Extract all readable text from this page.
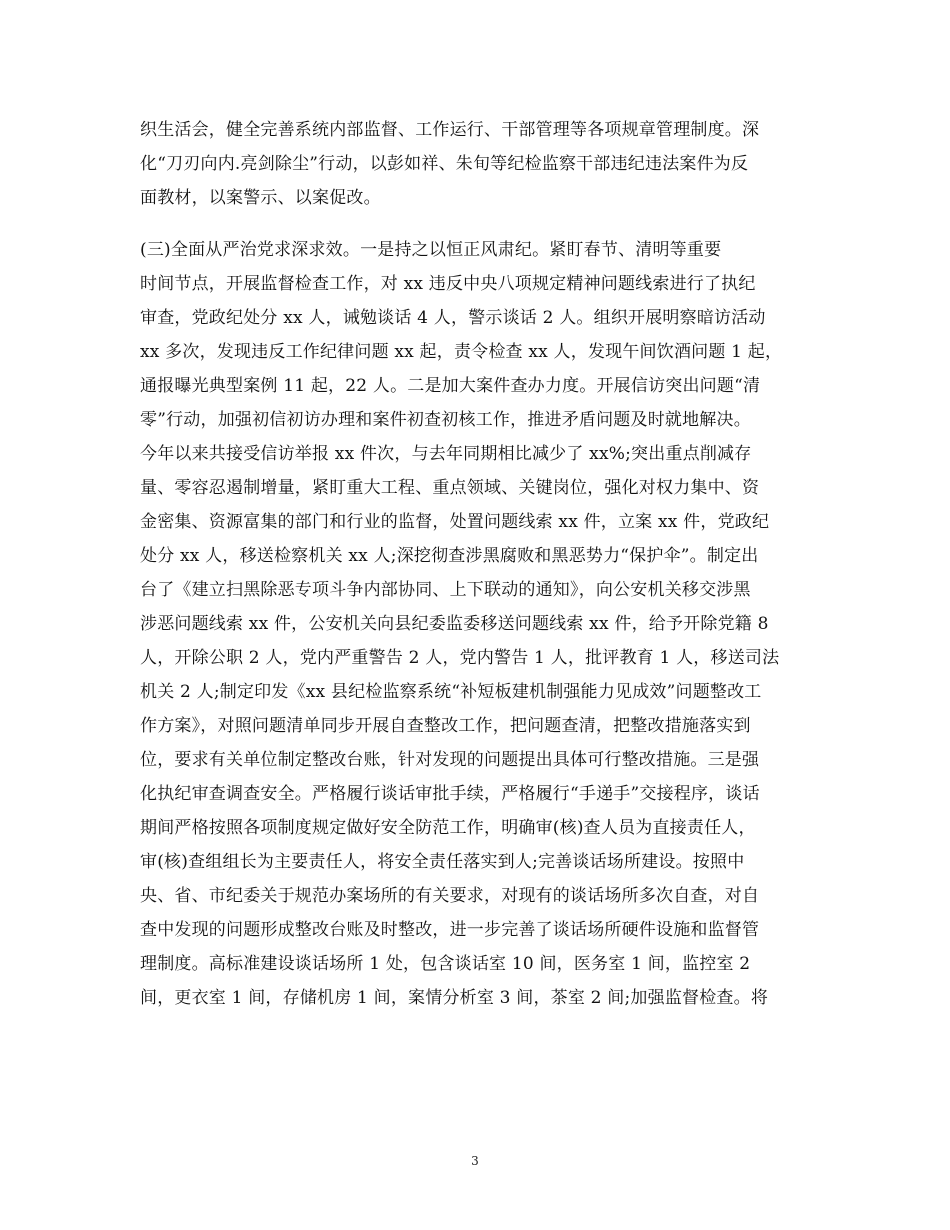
织生活会，健全完善系统内部监督、工作运行、干部管理等各项规章管理制度。深
化“刀刃向内.亮剑除尘”行动，以彭如祥、朱旬等纪检监察干部违纪违法案件为反
面教材，以案警示、以案促改。
(三)全面从严治党求深求效。一是持之以恒正风肃纪。紧盯春节、清明等重要
时间节点，开展监督检查工作，对 xx 违反中央八项规定精神问题线索进行了执纪
审查，党政纪处分 xx 人，诫勉谈话 4 人，警示谈话 2 人。组织开展明察暗访活动
xx 多次，发现违反工作纪律问题 xx 起，责令检查 xx 人，发现午间饮酒问题 1 起，
通报曝光典型案例 11 起，22 人。二是加大案件查办力度。开展信访突出问题“清
零”行动，加强初信初访办理和案件初查初核工作，推进矛盾问题及时就地解决。
今年以来共接受信访举报 xx 件次，与去年同期相比减少了 xx%;突出重点削减存
量、零容忍遏制增量，紧盯重大工程、重点领域、关键岗位，强化对权力集中、资
金密集、资源富集的部门和行业的监督，处置问题线索 xx 件，立案 xx 件，党政纪
处分 xx 人，移送检察机关 xx 人;深挖彻查涉黑腐败和黑恶势力“保护伞”。制定出
台了《建立扫黑除恶专项斗争内部协同、上下联动的通知》，向公安机关移交涉黑
涉恶问题线索 xx 件，公安机关向县纪委监委移送问题线索 xx 件，给予开除党籍 8
人，开除公职 2 人，党内严重警告 2 人，党内警告 1 人，批评教育 1 人，移送司法
机关 2 人;制定印发《xx 县纪检监察系统“补短板建机制强能力见成效”问题整改工
作方案》，对照问题清单同步开展自查整改工作，把问题查清，把整改措施落实到
位，要求有关单位制定整改台账，针对发现的问题提出具体可行整改措施。三是强
化执纪审查调查安全。严格履行谈话审批手续，严格履行“手递手”交接程序，谈话
期间严格按照各项制度规定做好安全防范工作，明确审(核)查人员为直接责任人，
审(核)查组组长为主要责任人，将安全责任落实到人;完善谈话场所建设。按照中
央、省、市纪委关于规范办案场所的有关要求，对现有的谈话场所多次自查，对自
查中发现的问题形成整改台账及时整改，进一步完善了谈话场所硬件设施和监督管
理制度。高标准建设谈话场所 1 处，包含谈话室 10 间，医务室 1 间，监控室 2
间，更衣室 1 间，存储机房 1 间，案情分析室 3 间，茶室 2 间;加强监督检查。将
3
